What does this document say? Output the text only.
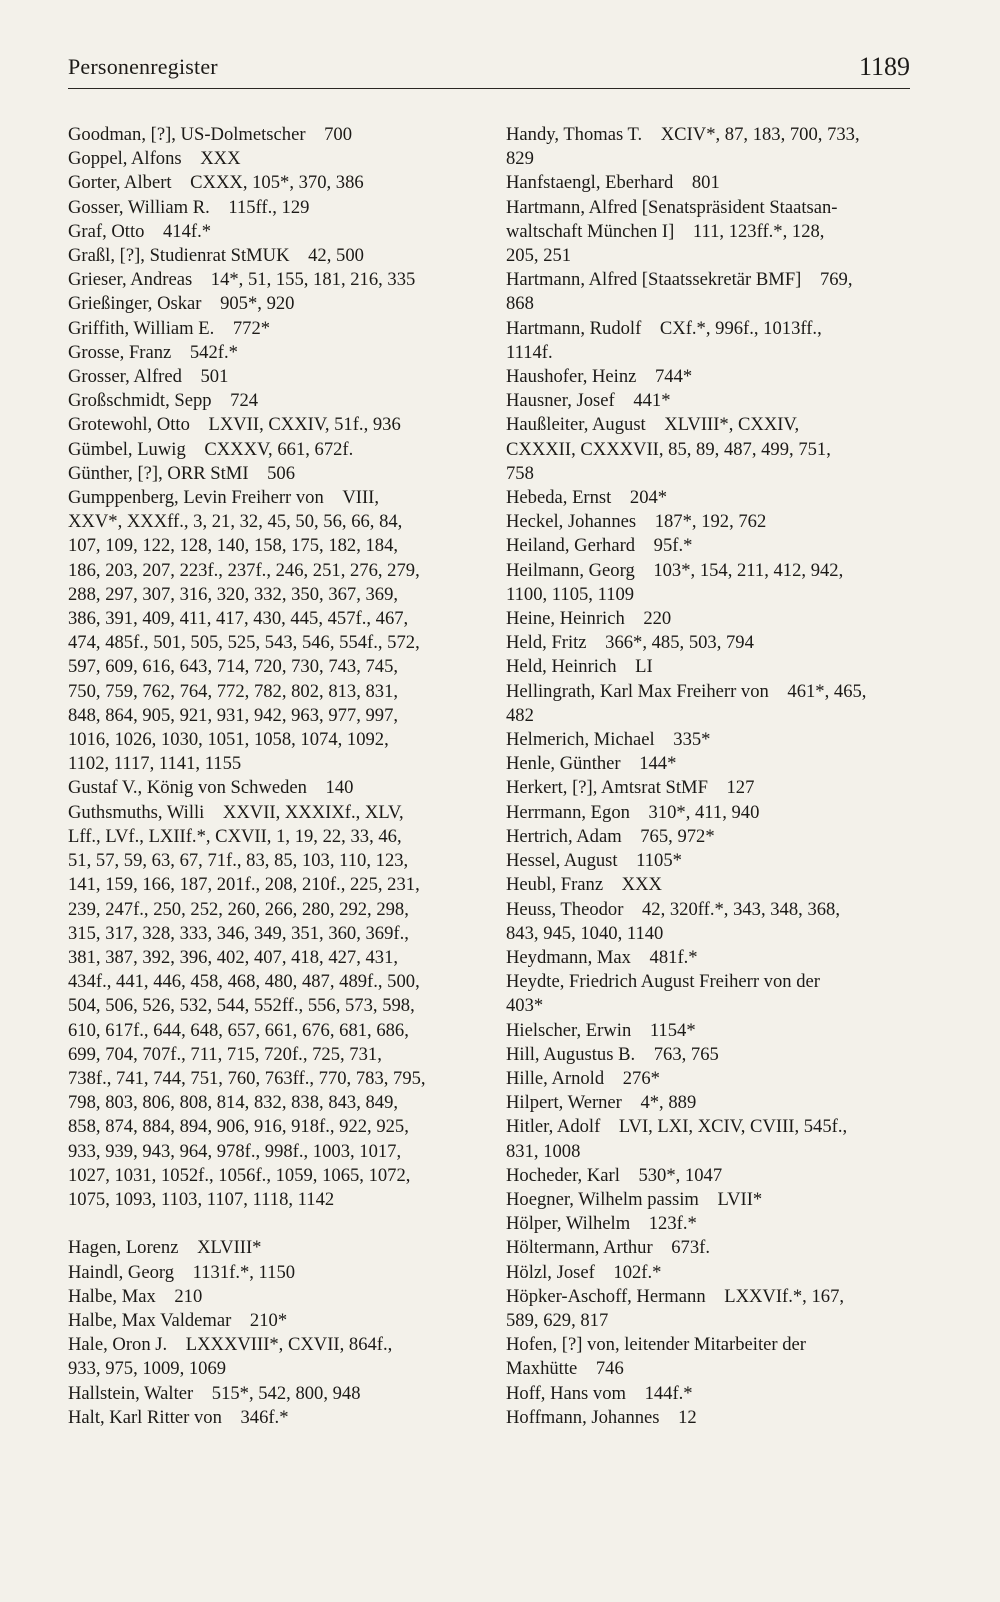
Personenregister	1189
Goodman, [?], US-Dolmetscher  700
Goppel, Alfons  XXX
Gorter, Albert  CXXX, 105*, 370, 386
Gosser, William R.  115ff., 129
Graf, Otto  414f.*
Graßl, [?], Studienrat StMUK  42, 500
Grieser, Andreas  14*, 51, 155, 181, 216, 335
Grießinger, Oskar  905*, 920
Griffith, William E.  772*
Grosse, Franz  542f.*
Grosser, Alfred  501
Großschmidt, Sepp  724
Grotewohl, Otto  LXVII, CXXIV, 51f., 936
Gümbel, Luwig  CXXXV, 661, 672f.
Günther, [?], ORR StMI  506
Gumppenberg, Levin Freiherr von  VIII,
XXV*, XXXff., 3, 21, 32, 45, 50, 56, 66, 84,
107, 109, 122, 128, 140, 158, 175, 182, 184,
186, 203, 207, 223f., 237f., 246, 251, 276, 279,
288, 297, 307, 316, 320, 332, 350, 367, 369,
386, 391, 409, 411, 417, 430, 445, 457f., 467,
474, 485f., 501, 505, 525, 543, 546, 554f., 572,
597, 609, 616, 643, 714, 720, 730, 743, 745,
750, 759, 762, 764, 772, 782, 802, 813, 831,
848, 864, 905, 921, 931, 942, 963, 977, 997,
1016, 1026, 1030, 1051, 1058, 1074, 1092,
1102, 1117, 1141, 1155
Gustaf V., König von Schweden  140
Guthsmuths, Willi  XXVII, XXXIXf., XLV,
Lff., LVf., LXIIf.*, CXVII, 1, 19, 22, 33, 46,
51, 57, 59, 63, 67, 71f., 83, 85, 103, 110, 123,
141, 159, 166, 187, 201f., 208, 210f., 225, 231,
239, 247f., 250, 252, 260, 266, 280, 292, 298,
315, 317, 328, 333, 346, 349, 351, 360, 369f.,
381, 387, 392, 396, 402, 407, 418, 427, 431,
434f., 441, 446, 458, 468, 480, 487, 489f., 500,
504, 506, 526, 532, 544, 552ff., 556, 573, 598,
610, 617f., 644, 648, 657, 661, 676, 681, 686,
699, 704, 707f., 711, 715, 720f., 725, 731,
738f., 741, 744, 751, 760, 763ff., 770, 783, 795,
798, 803, 806, 808, 814, 832, 838, 843, 849,
858, 874, 884, 894, 906, 916, 918f., 922, 925,
933, 939, 943, 964, 978f., 998f., 1003, 1017,
1027, 1031, 1052f., 1056f., 1059, 1065, 1072,
1075, 1093, 1103, 1107, 1118, 1142
Hagen, Lorenz  XLVIII*
Haindl, Georg  1131f.*, 1150
Halbe, Max  210
Halbe, Max Valdemar  210*
Hale, Oron J.  LXXXVIII*, CXVII, 864f.,
933, 975, 1009, 1069
Hallstein, Walter  515*, 542, 800, 948
Halt, Karl Ritter von  346f.*
Handy, Thomas T.  XCIV*, 87, 183, 700, 733,
829
Hanfstaengl, Eberhard  801
Hartmann, Alfred [Senatspräsident Staatsan-
waltschaft München I]  111, 123ff.*, 128,
205, 251
Hartmann, Alfred [Staatssekretär BMF]  769,
868
Hartmann, Rudolf  CXf.*, 996f., 1013ff.,
1114f.
Haushofer, Heinz  744*
Hausner, Josef  441*
Haußleiter, August  XLVIII*, CXXIV,
CXXXII, CXXXVII, 85, 89, 487, 499, 751,
758
Hebeda, Ernst  204*
Heckel, Johannes  187*, 192, 762
Heiland, Gerhard  95f.*
Heilmann, Georg  103*, 154, 211, 412, 942,
1100, 1105, 1109
Heine, Heinrich  220
Held, Fritz  366*, 485, 503, 794
Held, Heinrich  LI
Hellingrath, Karl Max Freiherr von  461*, 465,
482
Helmerich, Michael  335*
Henle, Günther  144*
Herkert, [?], Amtsrat StMF  127
Herrmann, Egon  310*, 411, 940
Hertrich, Adam  765, 972*
Hessel, August  1105*
Heubl, Franz  XXX
Heuss, Theodor  42, 320ff.*, 343, 348, 368,
843, 945, 1040, 1140
Heydmann, Max  481f.*
Heydte, Friedrich August Freiherr von der
403*
Hielscher, Erwin  1154*
Hill, Augustus B.  763, 765
Hille, Arnold  276*
Hilpert, Werner  4*, 889
Hitler, Adolf  LVI, LXI, XCIV, CVIII, 545f.,
831, 1008
Hocheder, Karl  530*, 1047
Hoegner, Wilhelm passim  LVII*
Hölper, Wilhelm  123f.*
Höltermann, Arthur  673f.
Hölzl, Josef  102f.*
Höpker-Aschoff, Hermann  LXXVIf.*, 167,
589, 629, 817
Hofen, [?] von, leitender Mitarbeiter der
Maxhütte  746
Hoff, Hans vom  144f.*
Hoffmann, Johannes  12
